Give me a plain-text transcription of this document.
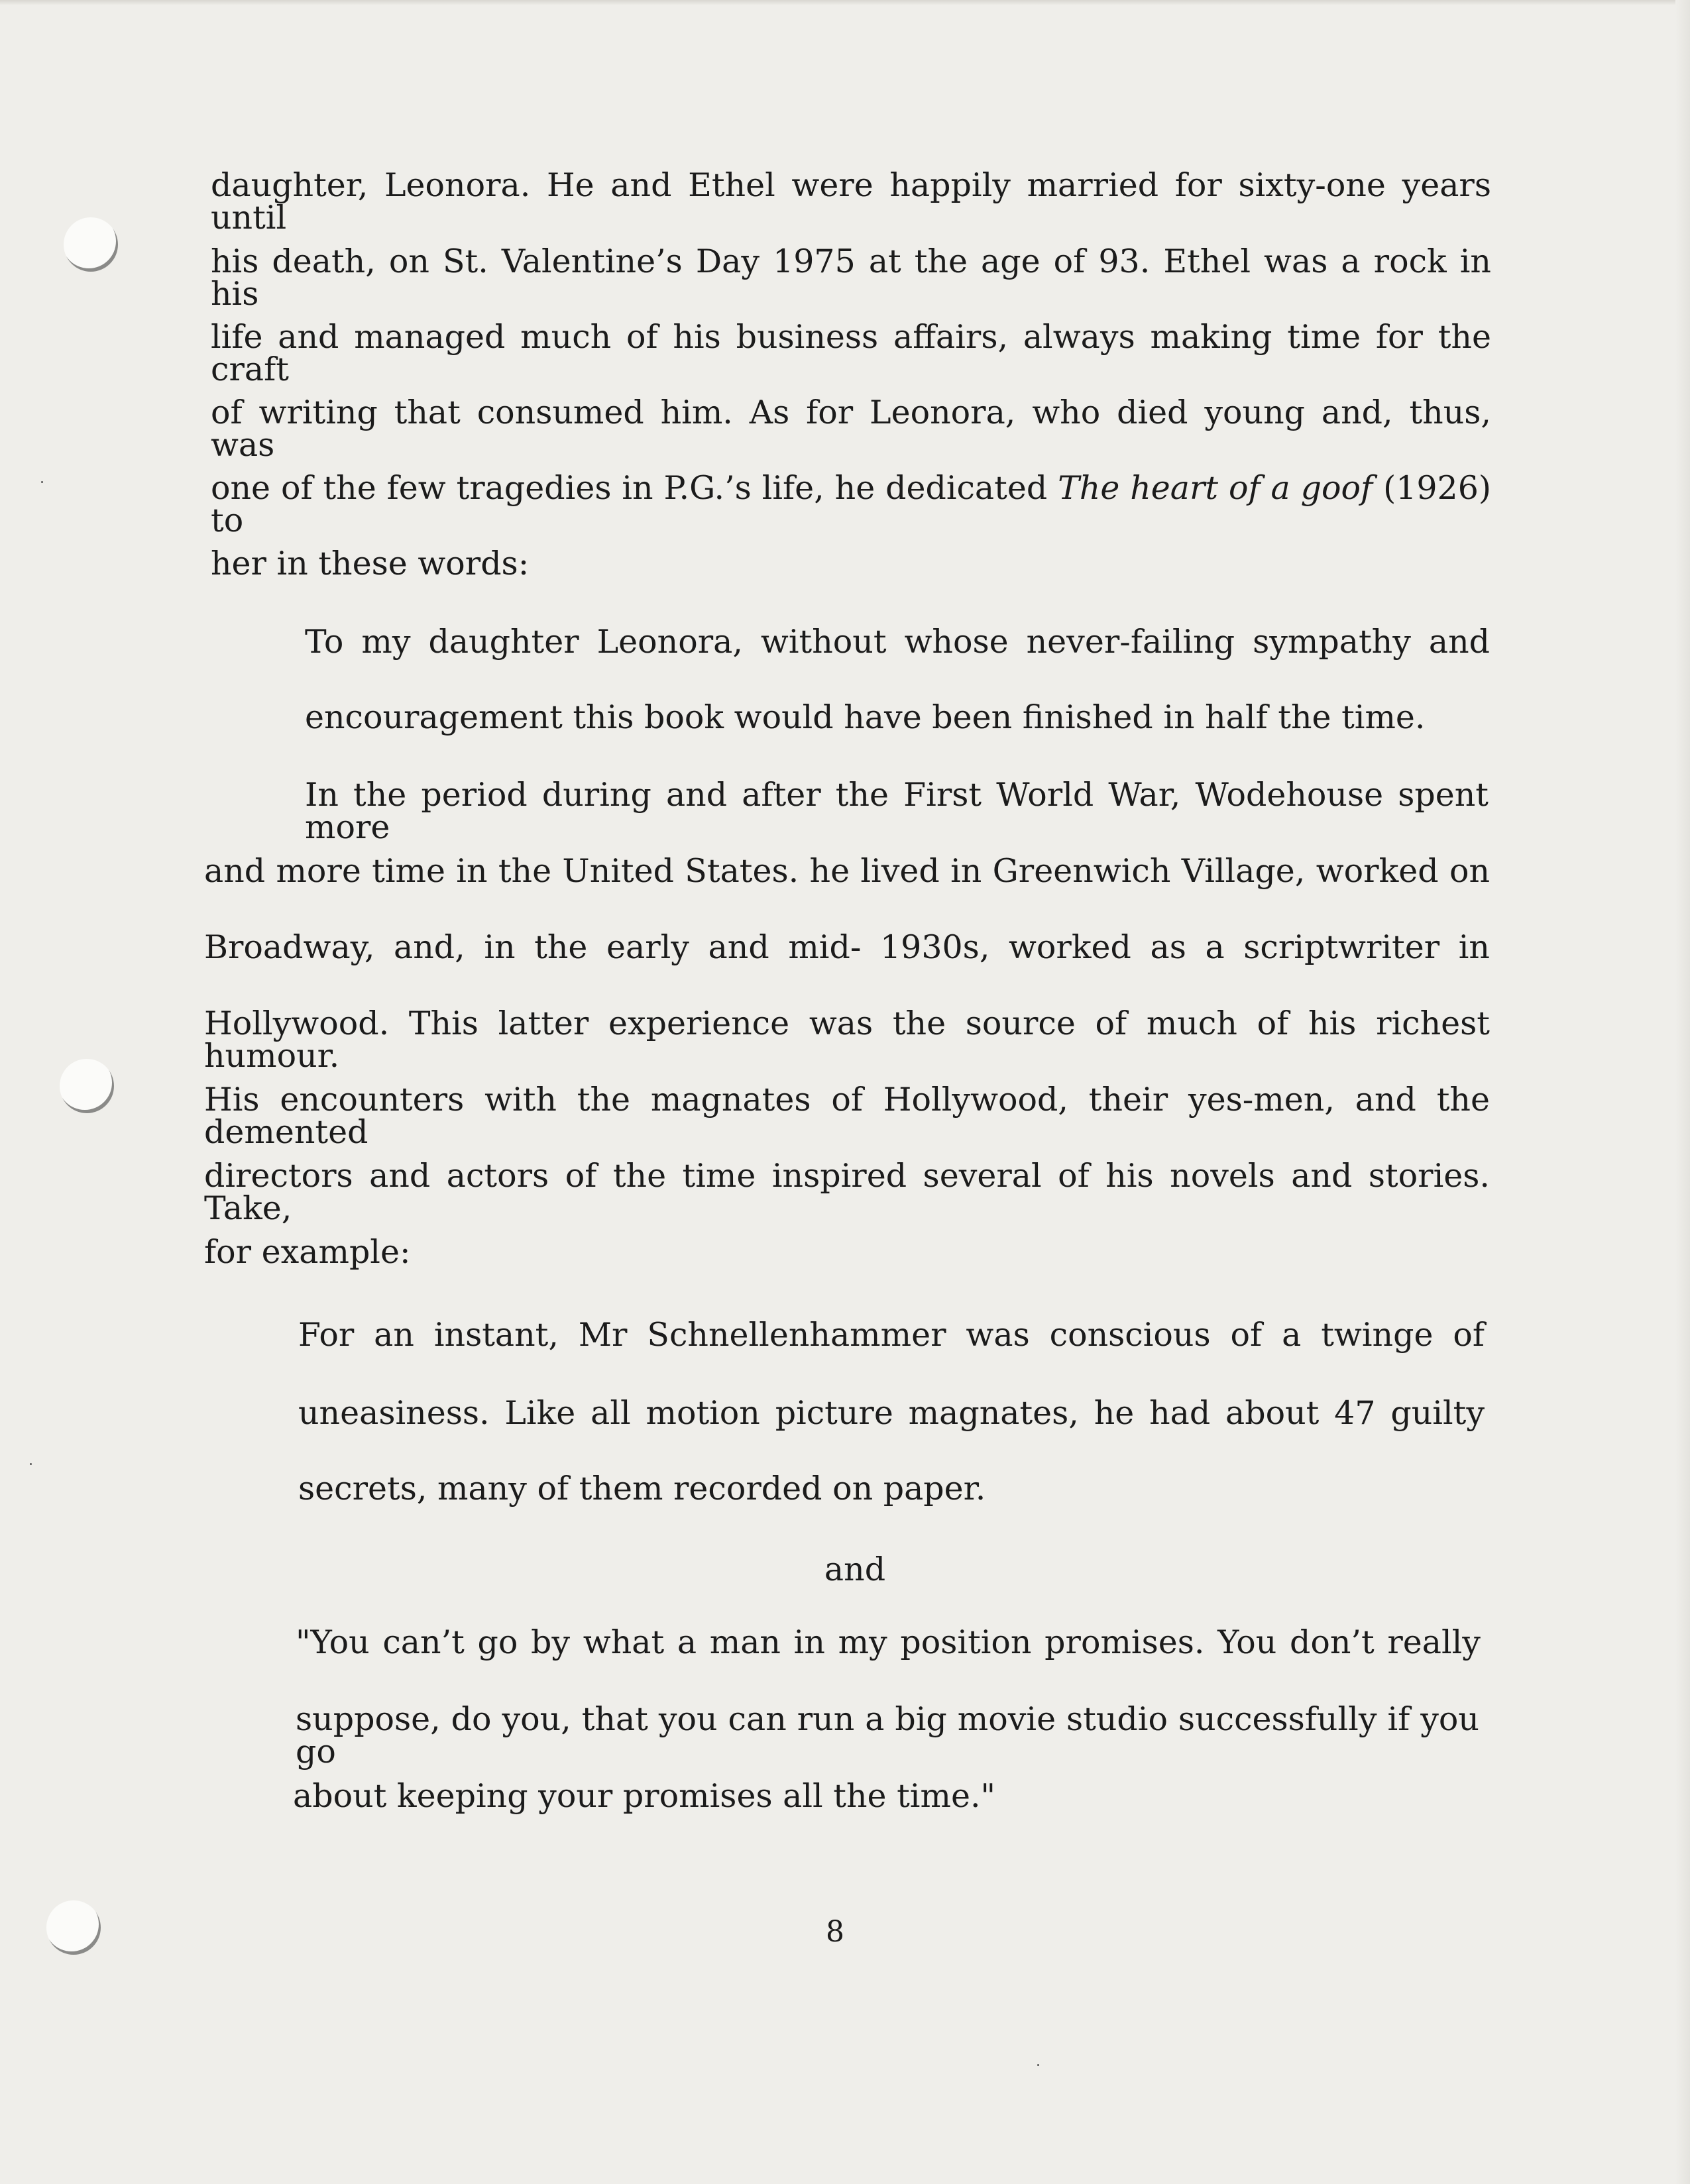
daughter, Leonora. He and Ethel were happily married for sixty-one years until
his death, on St. Valentine’s Day 1975 at the age of 93. Ethel was a rock in his
life and managed much of his business affairs, always making time for the craft
of writing that consumed him. As for Leonora, who died young and, thus, was
one of the few tragedies in P.G.’s life, he dedicated The heart of a goof (1926) to
her in these words:
To my daughter Leonora, without whose never-failing sympathy and
encouragement this book would have been finished in half the time.
In the period during and after the First World War, Wodehouse spent more
and more time in the United States. he lived in Greenwich Village, worked on
Broadway, and, in the early and mid- 1930s, worked as a scriptwriter in
Hollywood. This latter experience was the source of much of his richest humour.
His encounters with the magnates of Hollywood, their yes-men, and the demented
directors and actors of the time inspired several of his novels and stories. Take,
for example:
For an instant, Mr Schnellenhammer was conscious of a twinge of
uneasiness. Like all motion picture magnates, he had about 47 guilty
secrets, many of them recorded on paper.
and
"You can’t go by what a man in my position promises. You don’t really
suppose, do you, that you can run a big movie studio successfully if you go
about keeping your promises all the time."
8
